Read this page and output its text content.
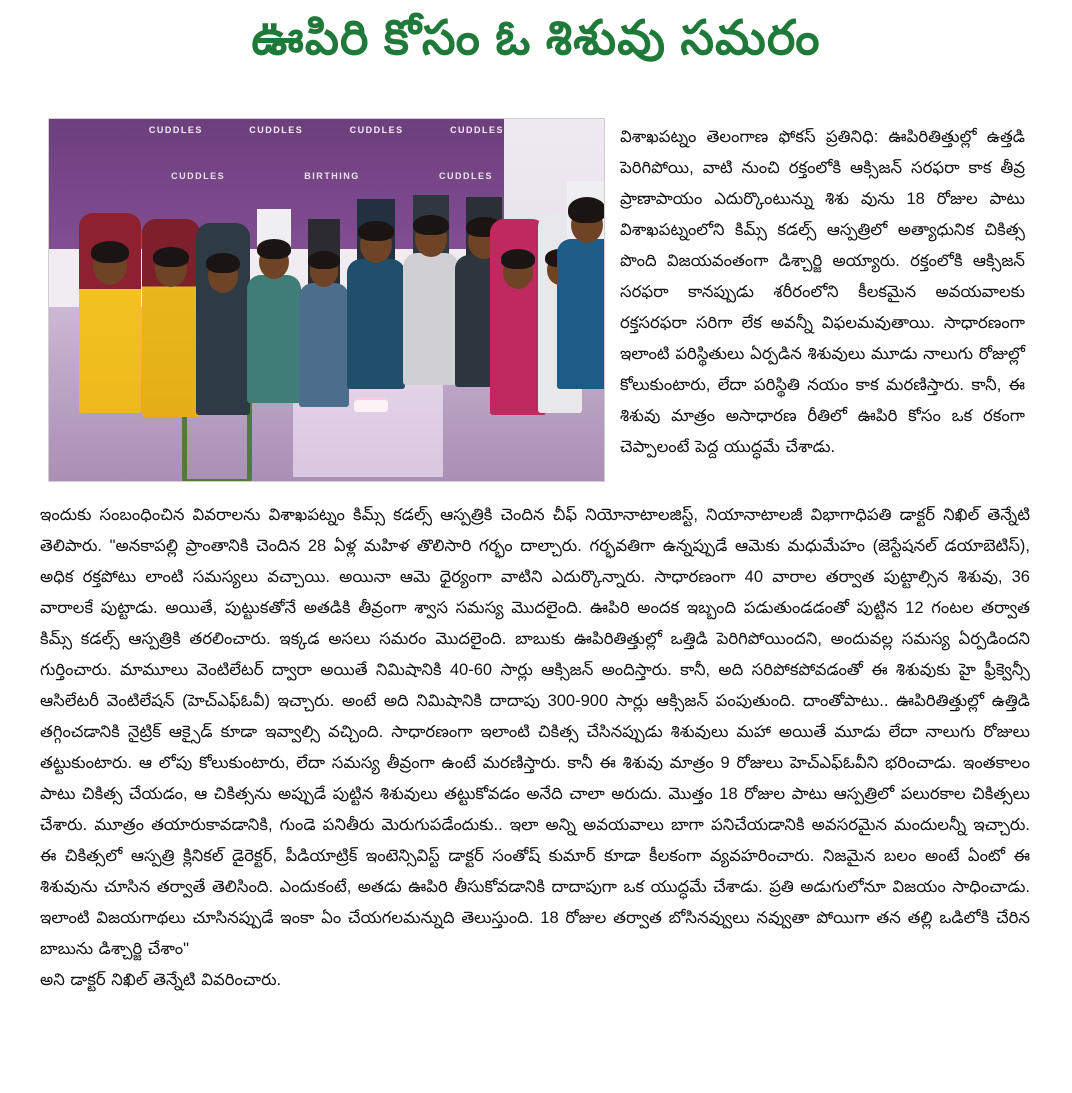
ఊపిరి కోసం ఓ శిశువు సమరం
CUDDLES	CUDDLES	CUDDLES	CUDDLES
CUDDLES	BIRTHING	CUDDLES
విశాఖపట్నం తెలంగాణ ఫోకస్ ప్రతినిధి: ఊపిరితిత్తుల్లో ఉత్తడి పెరిగిపోయి, వాటి నుంచి రక్తంలోకి ఆక్సిజన్ సరఫరా కాక తీవ్ర ప్రాణాపాయం ఎదుర్కొంటున్ను శిశు వును 18 రోజుల పాటు విశాఖపట్నంలోని కిమ్స్ కడల్స్ ఆస్పత్రిలో అత్యాధునిక చికిత్స పొంది విజయవంతంగా డిశ్చార్జి అయ్యారు. రక్తంలోకి ఆక్సిజన్ సరఫరా కానప్పుడు శరీరంలోని కీలకమైన అవయవాలకు రక్తసరఫరా సరిగా లేక అవన్నీ విఫలమవుతాయి. సాధారణంగా ఇలాంటి పరిస్థితులు ఏర్పడిన శిశువులు మూడు నాలుగు రోజుల్లో కోలుకుంటారు, లేదా పరిస్థితి నయం కాక మరణిస్తారు. కానీ, ఈ శిశువు మాత్రం అసాధారణ రీతిలో ఊపిరి కోసం ఒక రకంగా చెప్పాలంటే పెద్ద యుద్ధమే చేశాడు.

ఇందుకు సంబంధించిన వివరాలను విశాఖపట్నం కిమ్స్ కడల్స్ ఆస్పత్రికి చెందిన చీఫ్ నియోనాటాలజిస్ట్, నియానాటాలజీ విభాగాధిపతి డాక్టర్ నిఖిల్ తెన్నేటి తెలిపారు. "అనకాపల్లి ప్రాంతానికి చెందిన 28 ఏళ్ల మహిళ తొలిసారి గర్భం దాల్చారు. గర్భవతిగా ఉన్నప్పుడే ఆమెకు మధుమేహం (జెస్టేషనల్ డయాబెటిస్), అధిక రక్తపోటు లాంటి సమస్యలు వచ్చాయి. అయినా ఆమె ధైర్యంగా వాటిని ఎదుర్కొన్నారు. సాధారణంగా 40 వారాల తర్వాత పుట్టాల్సిన శిశువు, 36 వారాలకే పుట్టాడు. అయితే, పుట్టుకతోనే అతడికి తీవ్రంగా శ్వాస సమస్య మొదలైంది. ఊపిరి అందక ఇబ్బంది పడుతుండడంతో పుట్టిన 12 గంటల తర్వాత కిమ్స్ కడల్స్ ఆస్పత్రికి తరలించారు. ఇక్కడ అసలు సమరం మొదలైంది. బాబుకు ఊపిరితిత్తుల్లో ఒత్తిడి పెరిగిపోయిందని, అందువల్ల సమస్య ఏర్పడిందని గుర్తించారు. మామూలు వెంటిలేటర్ ద్వారా అయితే నిమిషానికి 40-60 సార్లు ఆక్సిజన్ అందిస్తారు. కానీ, అది సరిపోకపోవడంతో ఈ శిశువుకు హై ఫ్రీక్వెన్సీ ఆసిలేటరీ వెంటిలేషన్ (హెచ్ఎఫ్ఓవీ) ఇచ్చారు. అంటే అది నిమిషానికి దాదాపు 300-900 సార్లు ఆక్సిజన్ పంపుతుంది. దాంతోపాటు.. ఊపిరితిత్తుల్లో ఉత్తిడి తగ్గించడానికి నైట్రిక్ ఆక్సైడ్ కూడా ఇవ్వాల్సి వచ్చింది. సాధారణంగా ఇలాంటి చికిత్స చేసినప్పుడు శిశువులు మహా అయితే మూడు లేదా నాలుగు రోజులు తట్టుకుంటారు. ఆ లోపు కోలుకుంటారు, లేదా సమస్య తీవ్రంగా ఉంటే మరణిస్తారు. కానీ ఈ శిశువు మాత్రం 9 రోజులు హెచ్ఎఫ్ఓవీని భరించాడు. ఇంతకాలం పాటు చికిత్స చేయడం, ఆ చికిత్సను అప్పుడే పుట్టిన శిశువులు తట్టుకోవడం అనేది చాలా అరుదు. మొత్తం 18 రోజుల పాటు ఆస్పత్రిలో పలురకాల చికిత్సలు చేశారు. మూత్రం తయారుకావడానికి, గుండె పనితీరు మెరుగుపడేందుకు.. ఇలా అన్ని అవయవాలు బాగా పనిచేయడానికి అవసరమైన మందులన్నీ ఇచ్చారు. ఈ చికిత్సలో ఆస్పత్రి క్లినికల్ డైరెక్టర్, పీడియాట్రిక్ ఇంటెన్సివిస్ట్ డాక్టర్ సంతోష్ కుమార్ కూడా కీలకంగా వ్యవహరించారు. నిజమైన బలం అంటే ఏంటో ఈ శిశువును చూసిన తర్వాతే తెలిసింది. ఎందుకంటే, అతడు ఊపిరి తీసుకోవడానికి దాదాపుగా ఒక యుద్ధమే చేశాడు. ప్రతి అడుగులోనూ విజయం సాధించాడు. ఇలాంటి విజయగాథలు చూసినప్పుడే ఇంకా ఏం చేయగలమన్నుది తెలుస్తుంది. 18 రోజుల తర్వాత బోసినవ్వులు నవ్వుతా పోయిగా తన తల్లి ఒడిలోకి చేరిన బాబును డిశ్చార్జి చేశాం"

అని డాక్టర్ నిఖిల్ తెన్నేటి వివరించారు.
